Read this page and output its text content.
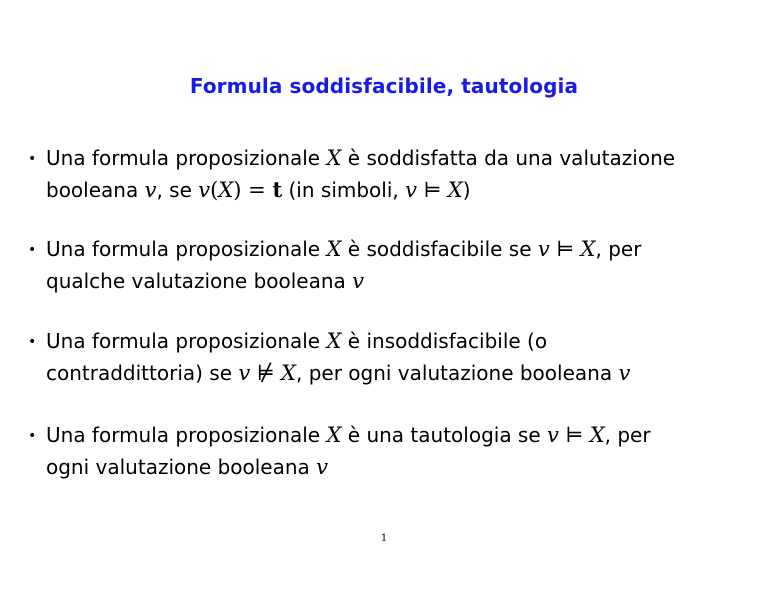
Formula soddisfacibile, tautologia
• Una formula proposizionale X è soddisfatta da una valutazione
booleana v, se v(X) = t (in simboli, v ⊨ X)
• Una formula proposizionale X è soddisfacibile se v ⊨ X, per
qualche valutazione booleana v
• Una formula proposizionale X è insoddisfacibile (o
contraddittoria) se v ⊭ X, per ogni valutazione booleana v
• Una formula proposizionale X è una tautologia se v ⊨ X, per
ogni valutazione booleana v
1
